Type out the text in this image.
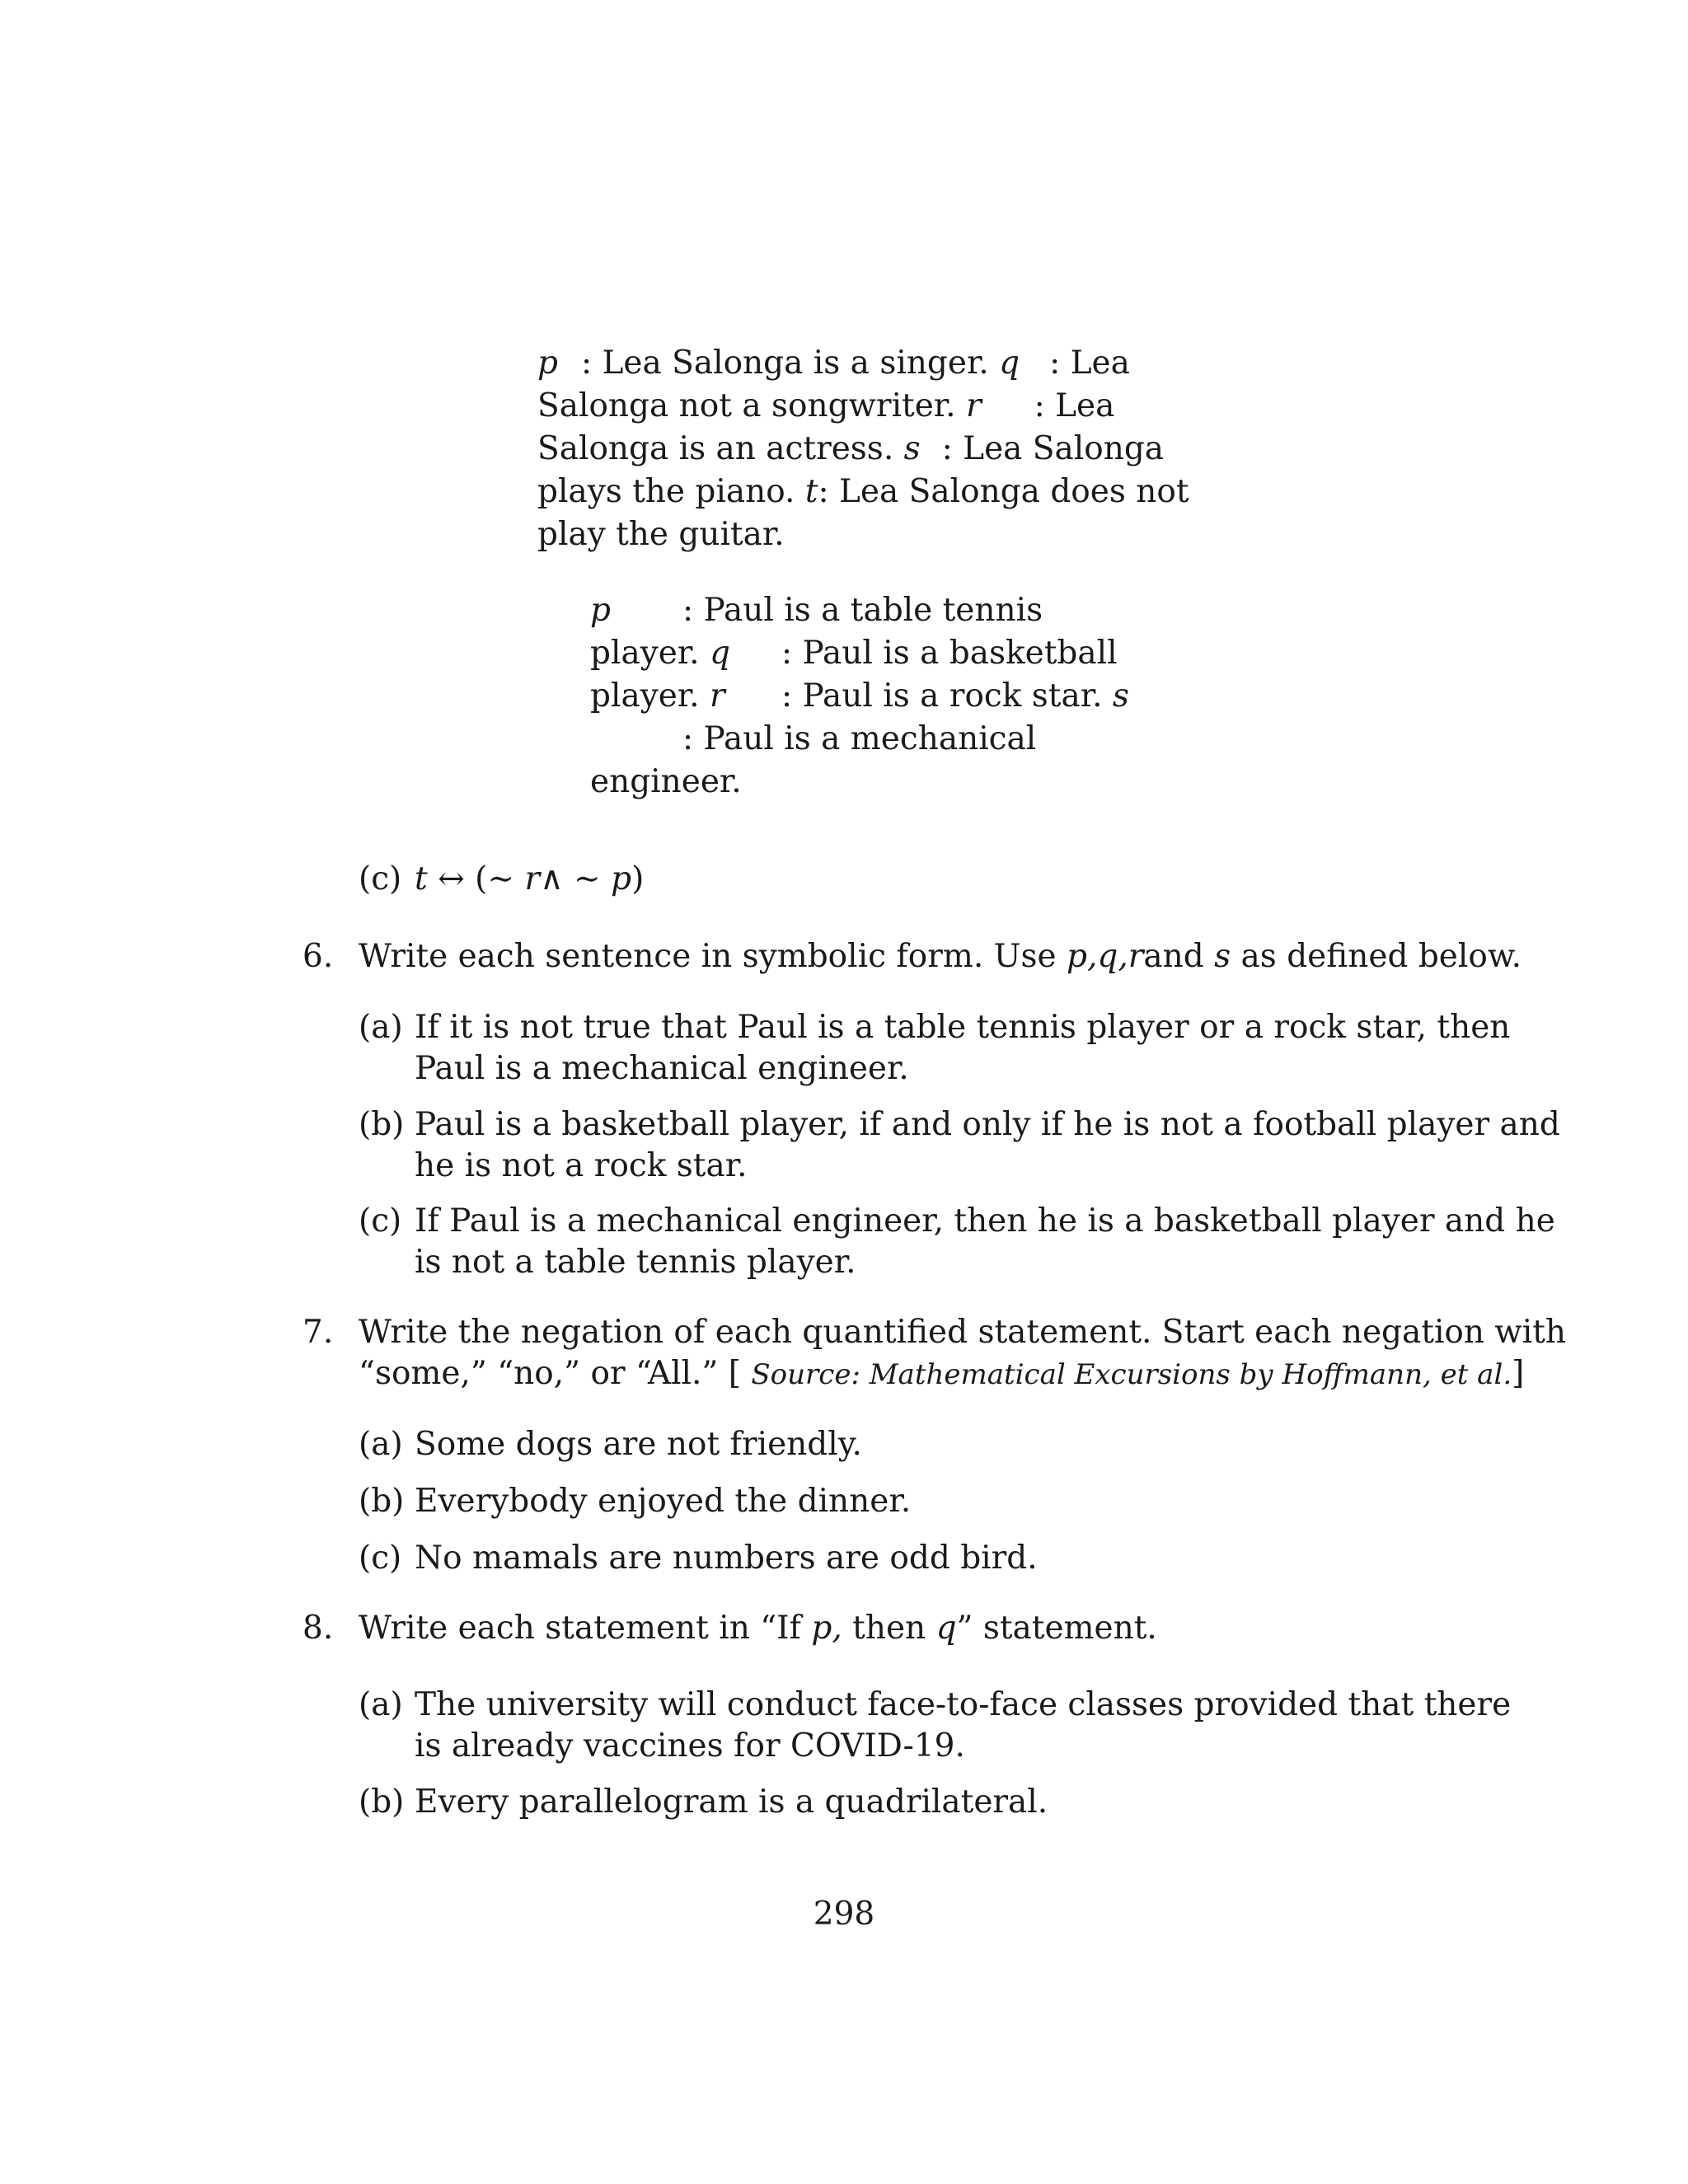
p : Lea Salonga is a singer. q : Lea
Salonga not a songwriter. r : Lea
Salonga is an actress. s : Lea Salonga
plays the piano. t: Lea Salonga does not
play the guitar.
p : Paul is a table tennis
player. q : Paul is a basketball
player. r : Paul is a rock star. s
: Paul is a mechanical
engineer.
(c) t ↔ (∼ r∧ ∼ p)
6. Write each sentence in symbolic form. Use p,q,rand s as defined below.
(a) If it is not true that Paul is a table tennis player or a rock star, then
Paul is a mechanical engineer.
(b) Paul is a basketball player, if and only if he is not a football player and
he is not a rock star.
(c) If Paul is a mechanical engineer, then he is a basketball player and he
is not a table tennis player.
7. Write the negation of each quantified statement. Start each negation with
“some,” “no,” or “All.” [ Source: Mathematical Excursions by Hoffmann, et al.]
(a) Some dogs are not friendly.
(b) Everybody enjoyed the dinner.
(c) No mamals are numbers are odd bird.
8. Write each statement in “If p, then q” statement.
(a) The university will conduct face-to-face classes provided that there
is already vaccines for COVID-19.
(b) Every parallelogram is a quadrilateral.
298
